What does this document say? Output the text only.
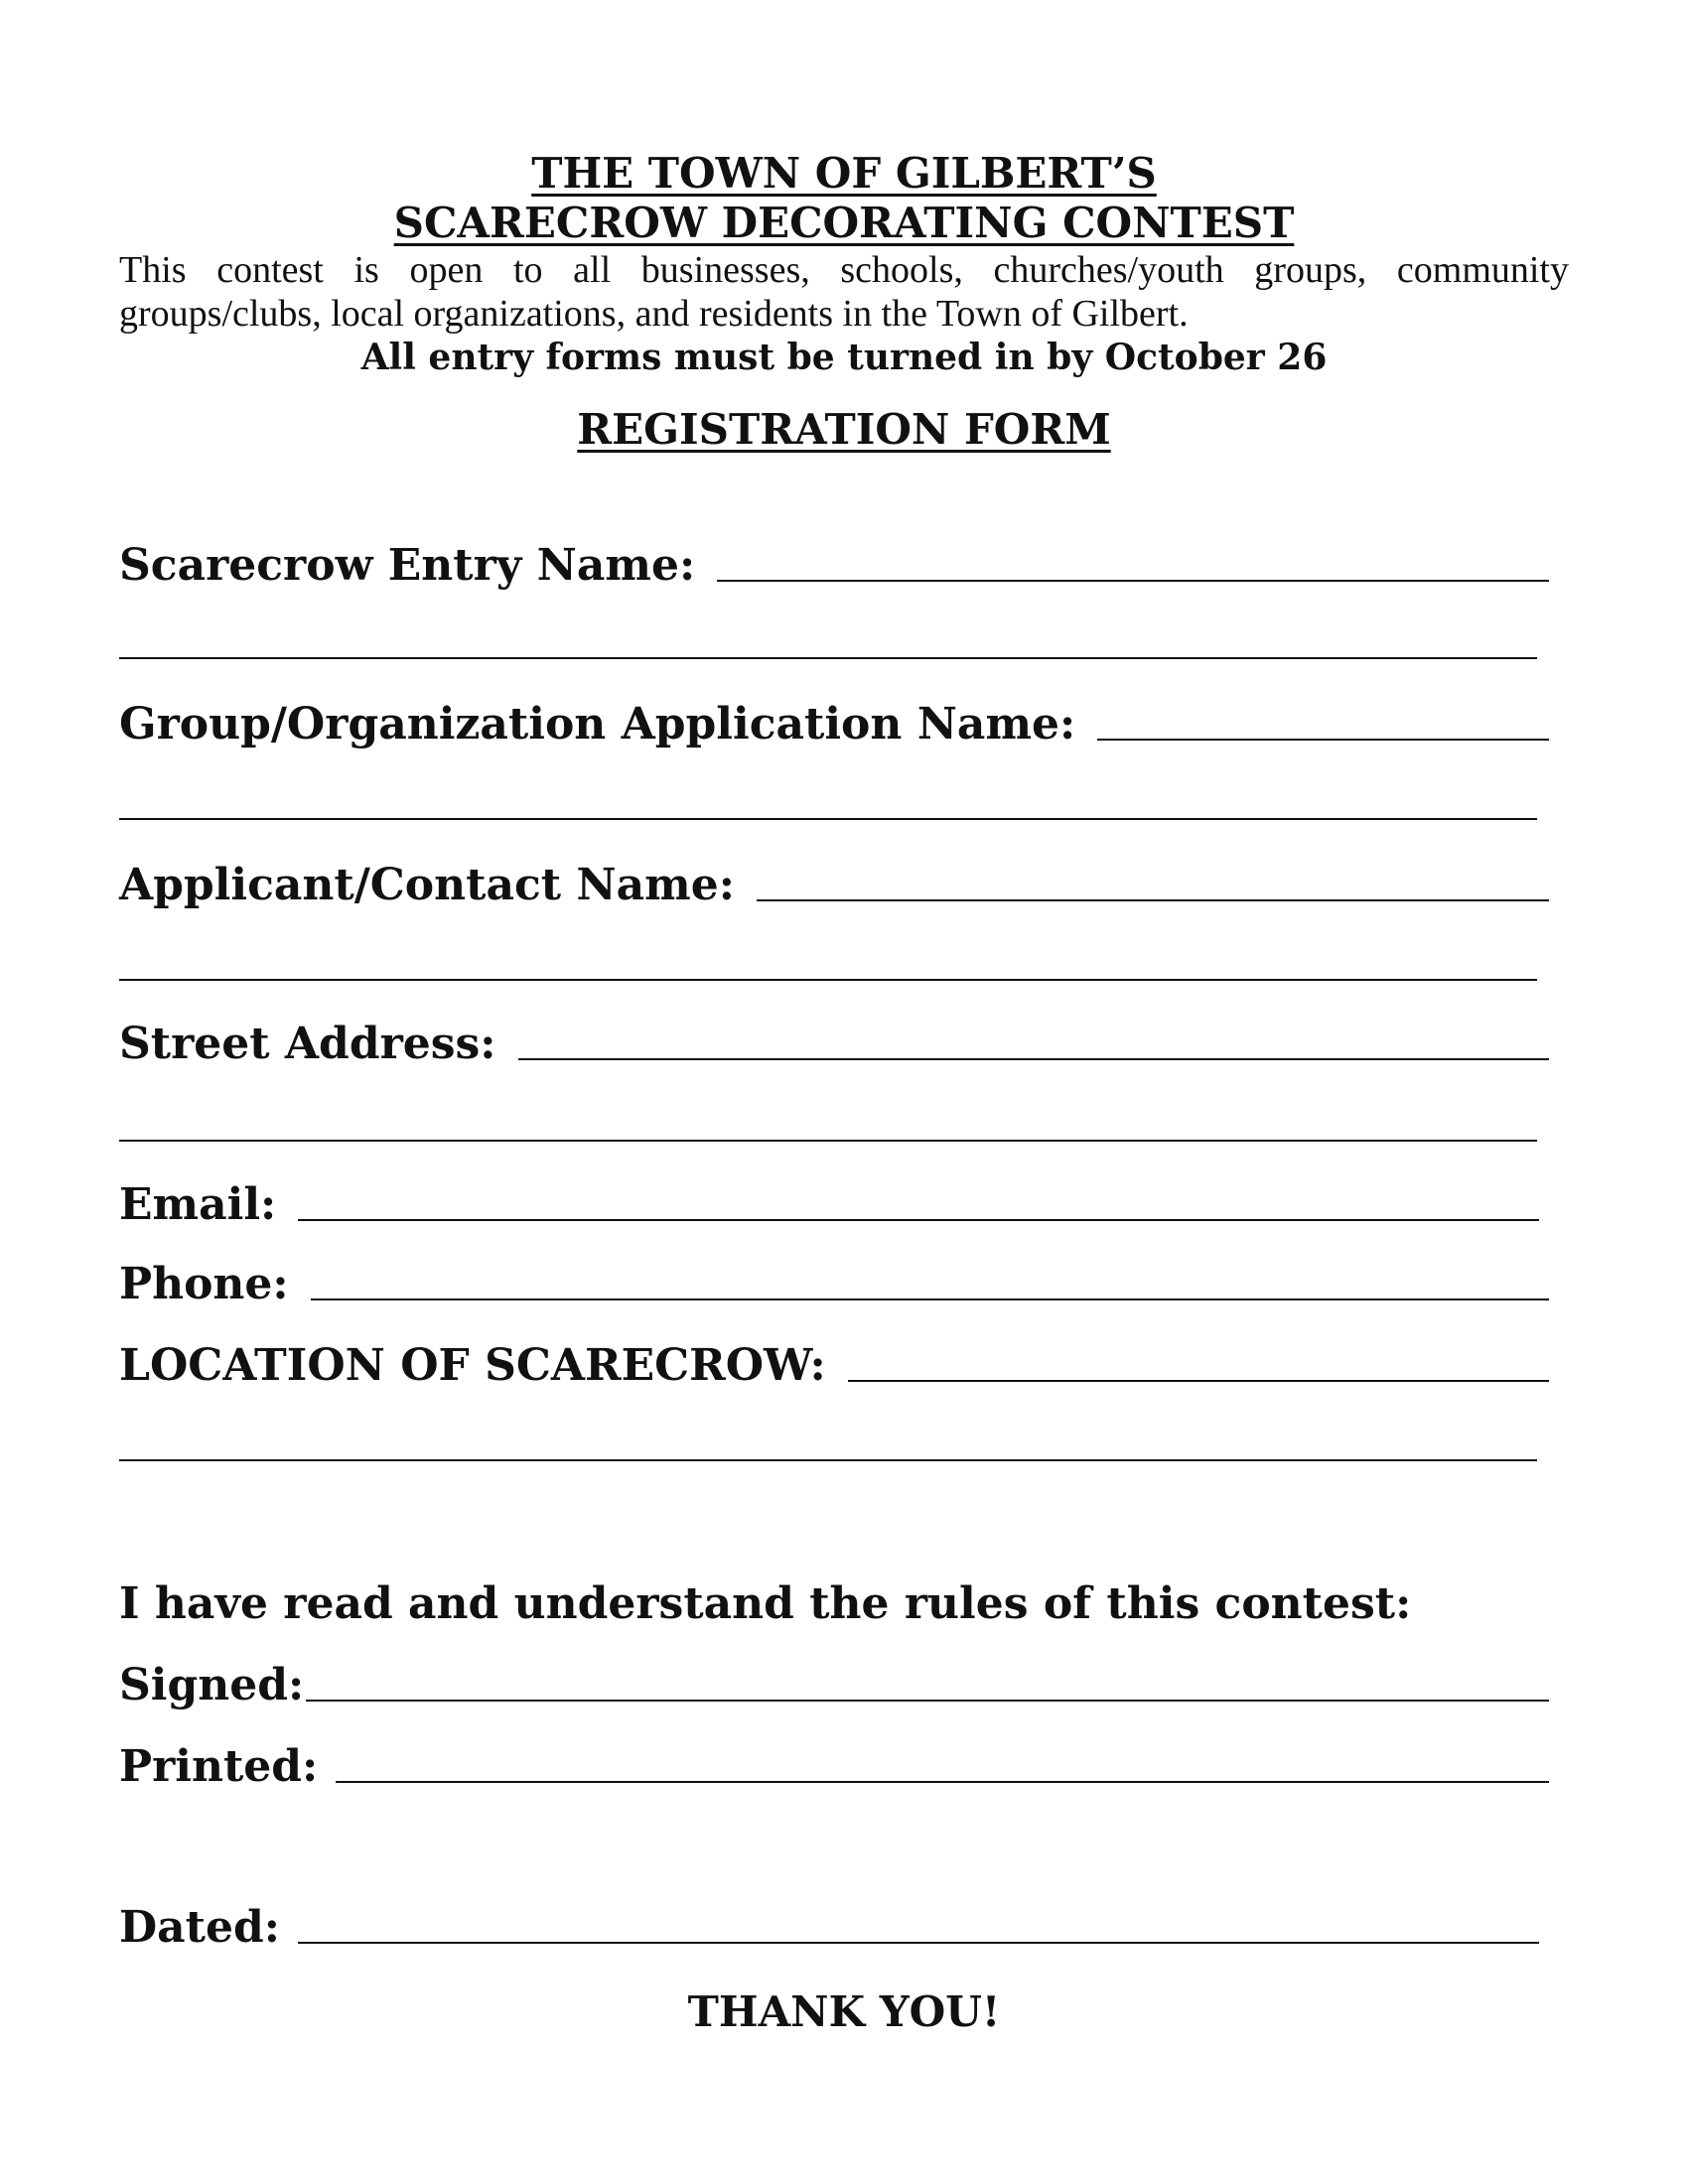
THE TOWN OF GILBERT’S
SCARECROW DECORATING CONTEST
This contest is open to all businesses, schools, churches/youth groups, community groups/clubs, local organizations, and residents in the Town of Gilbert.
All entry forms must be turned in by October 26
REGISTRATION FORM
Scarecrow Entry Name:
Group/Organization Application Name:
Applicant/Contact Name:
Street Address:
Email:
Phone:
LOCATION OF SCARECROW:
I have read and understand the rules of this contest:
Signed:
Printed:
Dated:
THANK YOU!
